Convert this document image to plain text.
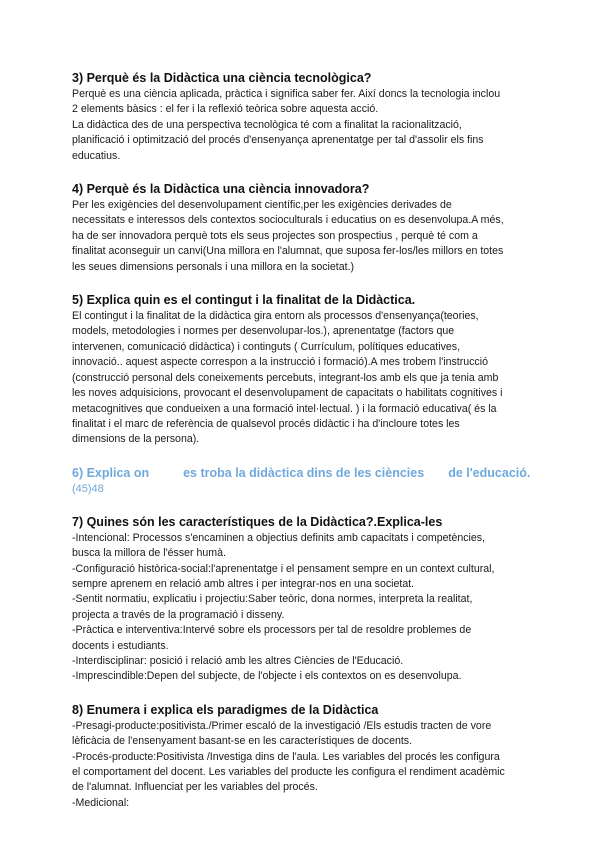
3) Perquè és la Didàctica una ciència tecnològica?

Perquè es una ciència aplicada, pràctica i significa saber fer. Així doncs la tecnologia inclou

2 elements bàsics : el fer i la reflexió teòrica sobre aquesta acció.

La didàctica des de una perspectiva tecnològica té com a finalitat la racionalització,

planificació i optimització del procés d'ensenyança aprenentatge per tal d'assolir els fins

educatius.

4) Perquè és la Didàctica una ciència innovadora?

Per les exigències del desenvolupament científic,per les exigències derivades de

necessitats e interessos dels contextos socioculturals i educatius on es desenvolupa.A més,

ha de ser innovadora perquè tots els seus projectes son prospectius , perquè té com a

finalitat aconseguir un canvi(Una millora en l'alumnat, que suposa fer-los/les millors en totes

les seues dimensions personals i una millora en la societat.)

5) Explica quin es el contingut i la finalitat de la Didàctica.

El contingut i la finalitat de la didàctica gira entorn als processos d'ensenyança(teories,

models, metodologies i normes per desenvolupar-los.), aprenentatge (factors que

intervenen, comunicació didàctica) i continguts ( Currículum, polítiques educatives,

innovació.. aquest aspecte correspon a la instrucció i formació).A mes trobem l'instrucció

(construcció personal dels coneixements percebuts, integrant-los amb els que ja tenia amb

les noves adquisicions, provocant el desenvolupament de capacitats o habilitats cognitives i

metacognitives que condueixen a una formació intel·lectual. ) i la formació educativa( és la

finalitat i el marc de referència de qualsevol procés didàctic i ha d'incloure totes les

dimensions de la persona).

6) Explica on	es troba la didàctica dins de les ciències de l'educació.

(45)48

7) Quines són les característiques de la Didàctica?.Explica-les

-Intencional: Processos s'encaminen a objectius definits amb capacitats i competències,

busca la millora de l'ésser humà.

-Configuració històrica-social:l'aprenentatge i el pensament sempre en un context cultural,

sempre aprenem en relació amb altres i per integrar-nos en una societat.

-Sentit normatiu, explicatiu i projectiu:Saber teòric, dona normes, interpreta la realitat,

projecta a través de la programació i disseny.

-Pràctica e interventiva:Intervé sobre els processors per tal de resoldre problemes de

docents i estudiants.

-Interdisciplinar: posició i relació amb les altres Ciències de l'Educació.

-Imprescindible:Depen del subjecte, de l'objecte i els contextos on es desenvolupa.

8) Enumera i explica els paradigmes de la Didàctica

-Presagi-producte:positivista./Primer escaló de la investigació /Els estudis tracten de vore

lèficàcia de l'ensenyament basant-se en les característiques de docents.

-Procés-producte:Positivista /Investiga dins de l'aula. Les variables del procés les configura

el comportament del docent. Les variables del producte les configura el rendiment acadèmic

de l'alumnat. Influenciat per les variables del procés.

-Medicional:
